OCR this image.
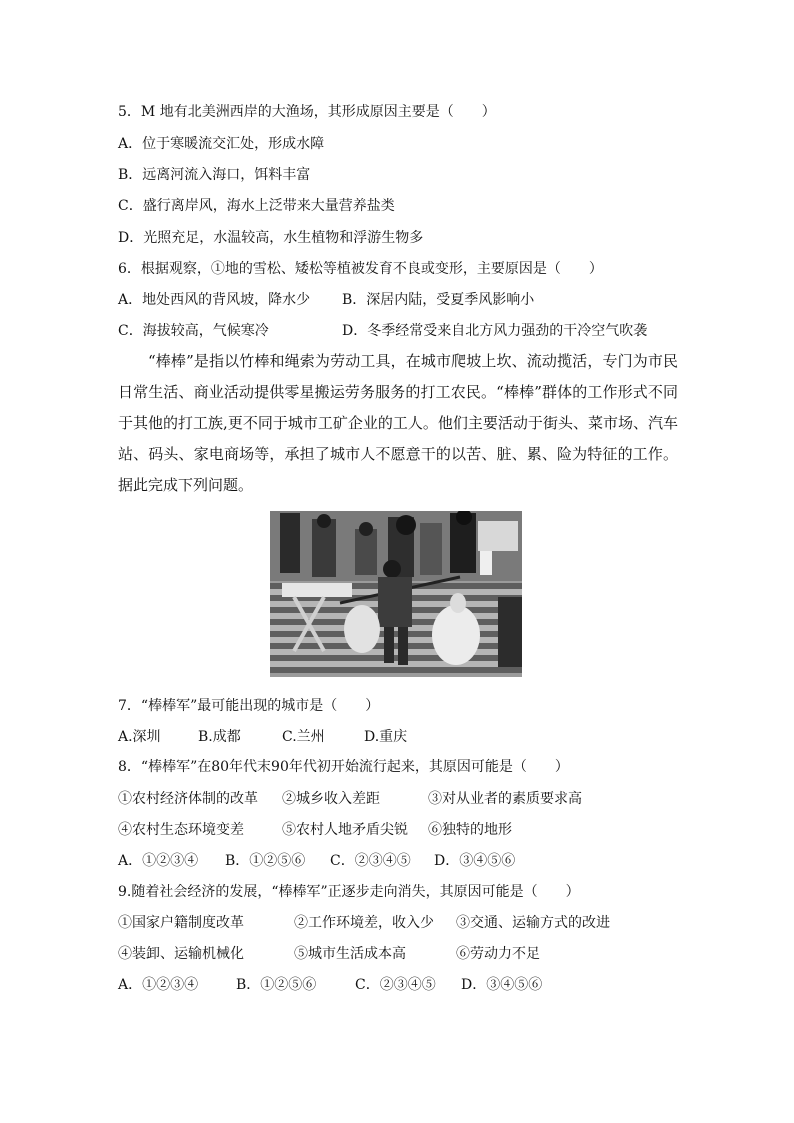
5．M 地有北美洲西岸的大渔场，其形成原因主要是（　　）
A．位于寒暖流交汇处，形成水障
B．远离河流入海口，饵料丰富
C．盛行离岸风，海水上泛带来大量营养盐类
D．光照充足，水温较高，水生植物和浮游生物多
6．根据观察，①地的雪松、矮松等植被发育不良或变形，主要原因是（　　）
A．地处西风的背风坡，降水少 B．深居内陆，受夏季风影响小
C．海拔较高，气候寒冷	D．冬季经常受来自北方风力强劲的干冷空气吹袭
“棒棒”是指以竹棒和绳索为劳动工具，在城市爬坡上坎、流动揽活，专门为市民日常生活、商业活动提供零星搬运劳务服务的打工农民。“棒棒”群体的工作形式不同于其他的打工族,更不同于城市工矿企业的工人。他们主要活动于街头、菜市场、汽车站、码头、家电商场等，承担了城市人不愿意干的以苦、脏、累、险为特征的工作。据此完成下列问题。
7．“棒棒军”最可能出现的城市是（　　）
A.深圳	B.成都	C.兰州	D.重庆
8．“棒棒军”在80年代末90年代初开始流行起来，其原因可能是（　　）
①农村经济体制的改革 ②城乡收入差距	③对从业者的素质要求高
④农村生态环境变差	⑤农村人地矛盾尖锐 ⑥独特的地形
A．①②③④ B．①②⑤⑥ C．②③④⑤ D．③④⑤⑥
9.随着社会经济的发展，“棒棒军”正逐步走向消失，其原因可能是（　　）
①国家户籍制度改革	②工作环境差，收入少 ③交通、运输方式的改进
④装卸、运输机械化	⑤城市生活成本高	⑥劳动力不足
A．①②③④	B．①②⑤⑥	C．②③④⑤ D．③④⑤⑥
